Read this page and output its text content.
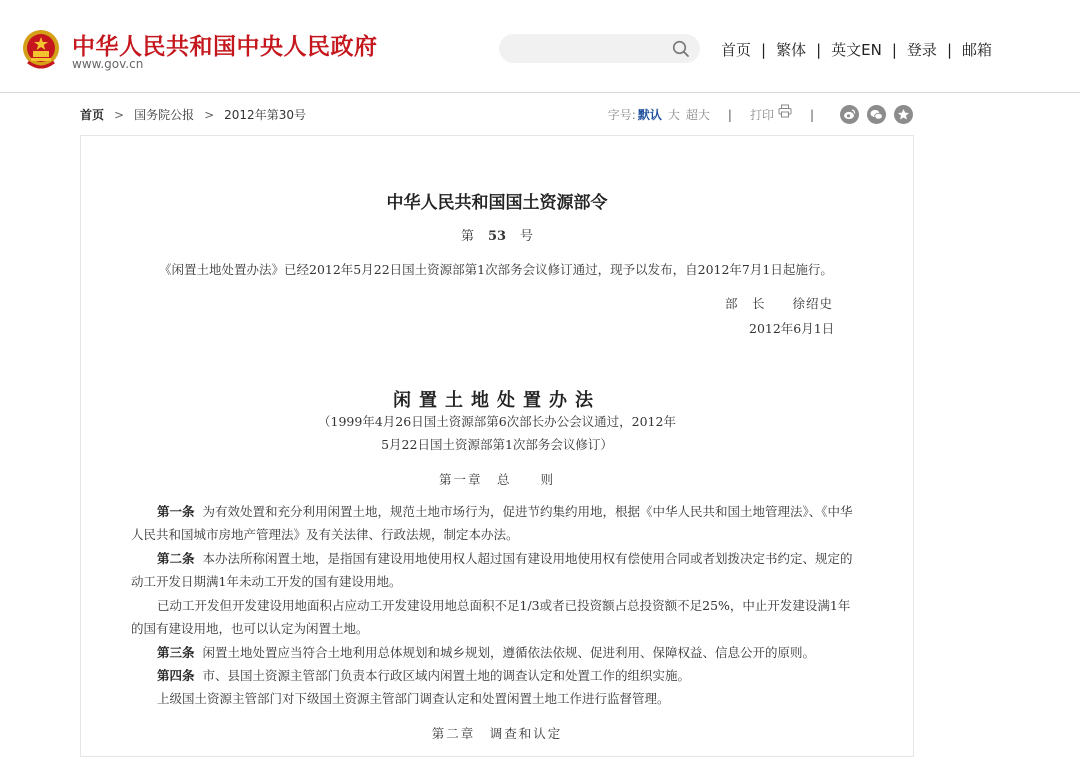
中华人民共和国中央人民政府
www.gov.cn
首页 | 繁体 | 英文EN | 登录 | 邮箱
首页 > 国务院公报 > 2012年第30号	字号: 默认 大 超大 | 打印	|
中华人民共和国国土资源部令
第 53 号
《闲置土地处置办法》已经2012年5月22日国土资源部第1次部务会议修订通过，现予以发布，自2012年7月1日起施行。
部　长　　徐绍史
2012年6月1日
闲置土地处置办法
（1999年4月26日国土资源部第6次部长办公会议通过，2012年
5月22日国土资源部第1次部务会议修订）
第一章　总　　则
第一条 为有效处置和充分利用闲置土地，规范土地市场行为，促进节约集约用地，根据《中华人民共和国土地管理法》、《中华人民共和国城市房地产管理法》及有关法律、行政法规，制定本办法。
第二条 本办法所称闲置土地，是指国有建设用地使用权人超过国有建设用地使用权有偿使用合同或者划拨决定书约定、规定的动工开发日期满1年未动工开发的国有建设用地。
已动工开发但开发建设用地面积占应动工开发建设用地总面积不足1/3或者已投资额占总投资额不足25%，中止开发建设满1年的国有建设用地，也可以认定为闲置土地。
第三条 闲置土地处置应当符合土地利用总体规划和城乡规划，遵循依法依规、促进利用、保障权益、信息公开的原则。
第四条 市、县国土资源主管部门负责本行政区域内闲置土地的调查认定和处置工作的组织实施。
上级国土资源主管部门对下级国土资源主管部门调查认定和处置闲置土地工作进行监督管理。
第二章　调查和认定
